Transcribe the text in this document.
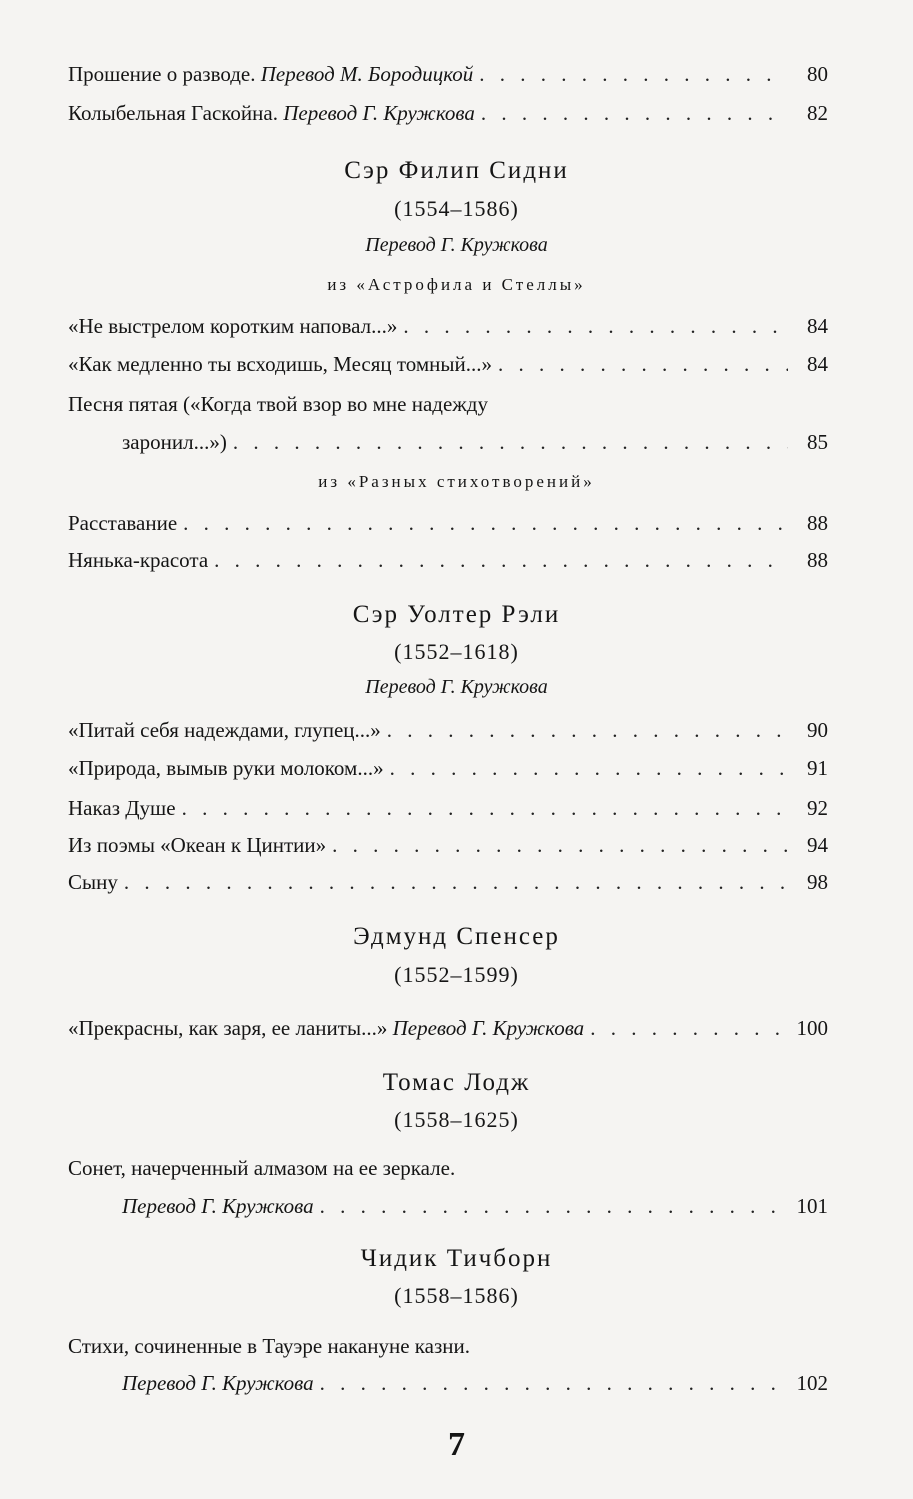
Прошение о разводе. Перевод М. Бородицкой . . .	80
Колыбельная Гаскойна. Перевод Г. Кружкова . . .	82
Сэр Филип Сидни
(1554–1586)
Перевод Г. Кружкова
из «Астрофила и Стеллы»
«Не выстрелом коротким наповал...» . . .	84
«Как медленно ты всходишь, Месяц томный...» . . .	84
Песня пятая («Когда твой взор во мне надежду
заронил...») . . .	85
из «Разных стихотворений»
Расставание . . .	88
Нянька-красота . . .	88
Сэр Уолтер Рэли
(1552–1618)
Перевод Г. Кружкова
«Питай себя надеждами, глупец...» . . .	90
«Природа, вымыв руки молоком...» . . .	91
Наказ Душе . . .	92
Из поэмы «Океан к Цинтии» . . .	94
Сыну . . .	98
Эдмунд Спенсер
(1552–1599)
«Прекрасны, как заря, ее ланиты...» Перевод Г. Кружкова . . .	100
Томас Лодж
(1558–1625)
Сонет, начерченный алмазом на ее зеркале.
Перевод Г. Кружкова . . .	101
Чидик Тичборн
(1558–1586)
Стихи, сочиненные в Тауэре накануне казни.
Перевод Г. Кружкова . . .	102
7
